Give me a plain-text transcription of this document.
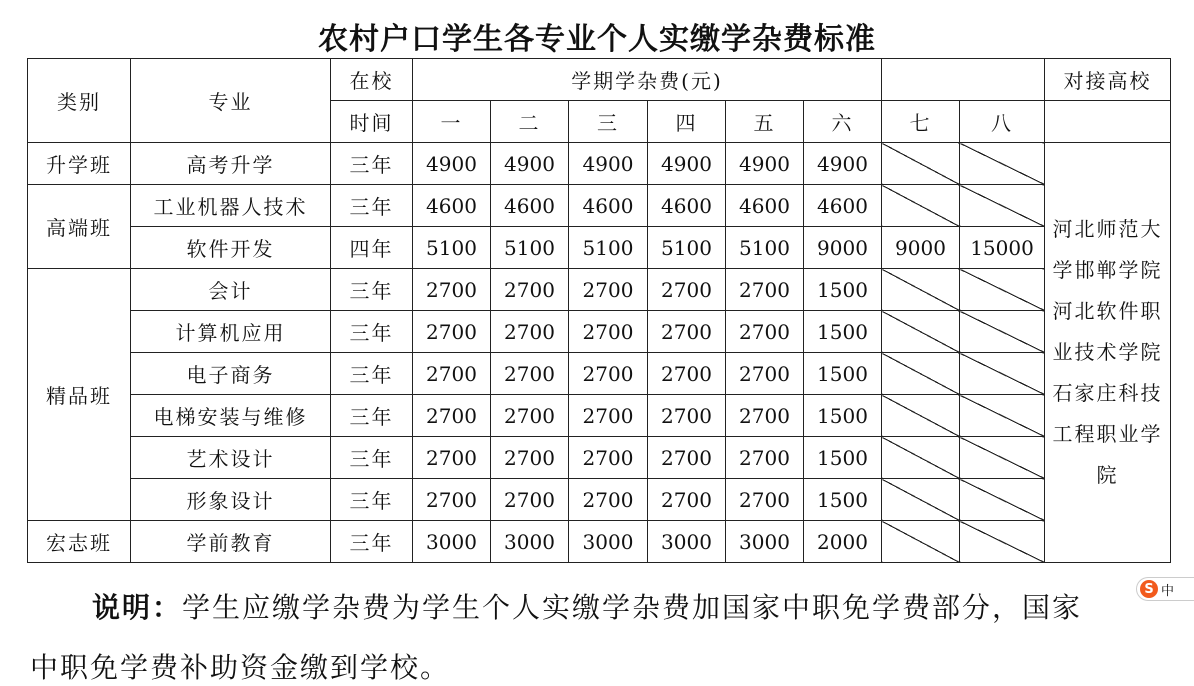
农村户口学生各专业个人实缴学杂费标准
类别	专业	在校	学期学杂费(元)								对接高校
		时间	一	二	三	四	五	六	七	八	
升学班	高考升学	三年	4900	4900	4900	4900	4900	4900			河北师范大学邯郸学院河北软件职业技术学院石家庄科技工程职业学院
高端班	工业机器人技术	三年	4600	4600	4600	4600	4600	4600			
	软件开发	四年	5100	5100	5100	5100	5100	9000	9000	15000	
精品班	会计	三年	2700	2700	2700	2700	2700	1500			
	计算机应用	三年	2700	2700	2700	2700	2700	1500			
	电子商务	三年	2700	2700	2700	2700	2700	1500			
	电梯安装与维修	三年	2700	2700	2700	2700	2700	1500			
	艺术设计	三年	2700	2700	2700	2700	2700	1500			
	形象设计	三年	2700	2700	2700	2700	2700	1500			
宏志班	学前教育	三年	3000	3000	3000	3000	3000	2000			
说明：学生应缴学杂费为学生个人实缴学杂费加国家中职免学费部分，国家
中职免学费补助资金缴到学校。
S 中
